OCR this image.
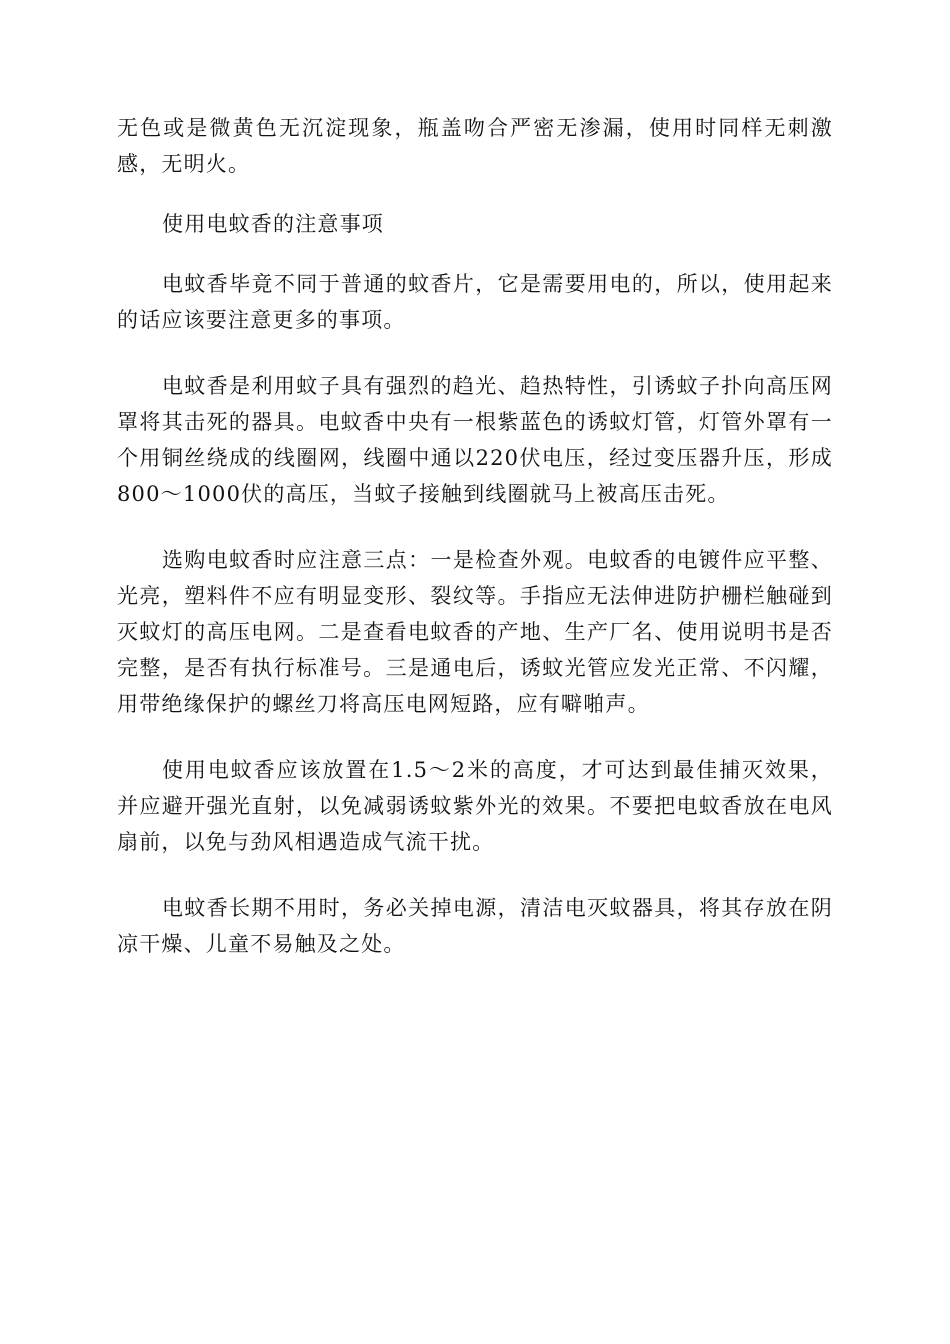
无色或是微黄色无沉淀现象，瓶盖吻合严密无渗漏，使用时同样无刺激感，无明火。

使用电蚊香的注意事项

电蚊香毕竟不同于普通的蚊香片，它是需要用电的，所以，使用起来的话应该要注意更多的事项。

电蚊香是利用蚊子具有强烈的趋光、趋热特性，引诱蚊子扑向高压网罩将其击死的器具。电蚊香中央有一根紫蓝色的诱蚊灯管，灯管外罩有一个用铜丝绕成的线圈网，线圈中通以220伏电压，经过变压器升压，形成800～1000伏的高压，当蚊子接触到线圈就马上被高压击死。

选购电蚊香时应注意三点：一是检查外观。电蚊香的电镀件应平整、光亮，塑料件不应有明显变形、裂纹等。手指应无法伸进防护栅栏触碰到灭蚊灯的高压电网。二是查看电蚊香的产地、生产厂名、使用说明书是否完整，是否有执行标准号。三是通电后，诱蚊光管应发光正常、不闪耀，用带绝缘保护的螺丝刀将高压电网短路，应有噼啪声。

使用电蚊香应该放置在1.5～2米的高度，才可达到最佳捕灭效果，并应避开强光直射，以免减弱诱蚊紫外光的效果。不要把电蚊香放在电风扇前，以免与劲风相遇造成气流干扰。

电蚊香长期不用时，务必关掉电源，清洁电灭蚊器具，将其存放在阴凉干燥、儿童不易触及之处。
